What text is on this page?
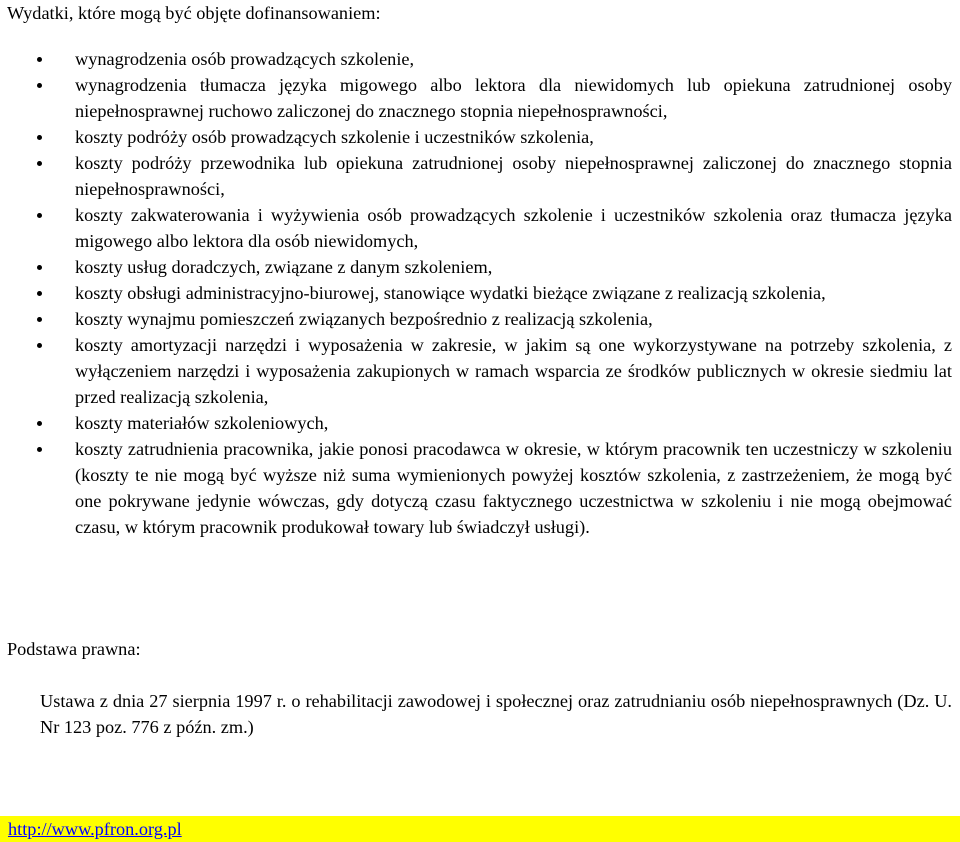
Wydatki, które mogą być objęte dofinansowaniem:
wynagrodzenia osób prowadzących szkolenie,
wynagrodzenia tłumacza języka migowego albo lektora dla niewidomych lub opiekuna zatrudnionej osoby niepełnosprawnej ruchowo zaliczonej do znacznego stopnia niepełnosprawności,
koszty podróży osób prowadzących szkolenie i uczestników szkolenia,
koszty podróży przewodnika lub opiekuna zatrudnionej osoby niepełnosprawnej zaliczonej do znacznego stopnia niepełnosprawności,
koszty zakwaterowania i wyżywienia osób prowadzących szkolenie i uczestników szkolenia oraz tłumacza języka migowego albo lektora dla osób niewidomych,
koszty usług doradczych, związane z danym szkoleniem,
koszty obsługi administracyjno-biurowej, stanowiące wydatki bieżące związane z realizacją szkolenia,
koszty wynajmu pomieszczeń związanych bezpośrednio z realizacją szkolenia,
koszty amortyzacji narzędzi i wyposażenia w zakresie, w jakim są one wykorzystywane na potrzeby szkolenia, z wyłączeniem narzędzi i wyposażenia zakupionych w ramach wsparcia ze środków publicznych w okresie siedmiu lat przed realizacją szkolenia,
koszty materiałów szkoleniowych,
koszty zatrudnienia pracownika, jakie ponosi pracodawca w okresie, w którym pracownik ten uczestniczy w szkoleniu (koszty te nie mogą być wyższe niż suma wymienionych powyżej kosztów szkolenia, z zastrzeżeniem, że mogą być one pokrywane jedynie wówczas, gdy dotyczą czasu faktycznego uczestnictwa w szkoleniu i nie mogą obejmować czasu, w którym pracownik produkował towary lub świadczył usługi).

Podstawa prawna:

Ustawa z dnia 27 sierpnia 1997 r. o rehabilitacji zawodowej i społecznej oraz zatrudnianiu osób niepełnosprawnych (Dz. U. Nr 123 poz. 776 z późn. zm.)

http://www.pfron.org.pl
